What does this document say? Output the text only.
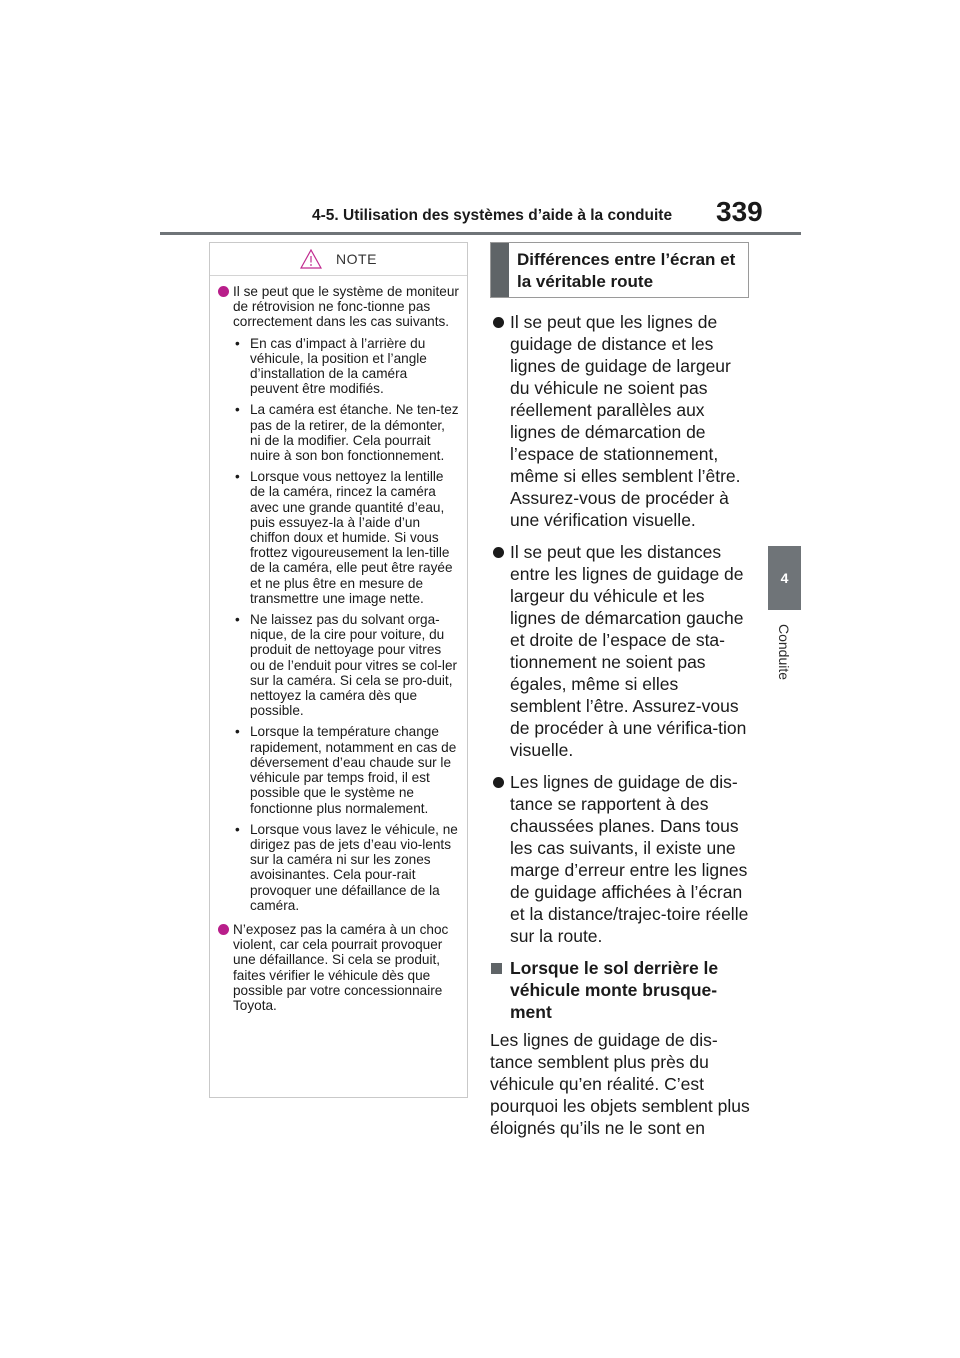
4-5. Utilisation des systèmes d’aide à la conduite 339
4
Conduite
NOTE
Il se peut que le système de moniteur de rétrovision ne fonc-tionne pas correctement dans les cas suivants.
• En cas d’impact à l’arrière du véhicule, la position et l’angle d’installation de la caméra peuvent être modifiés.
• La caméra est étanche. Ne ten-tez pas de la retirer, de la démonter, ni de la modifier. Cela pourrait nuire à son bon fonctionnement.
• Lorsque vous nettoyez la lentille de la caméra, rincez la caméra avec une grande quantité d’eau, puis essuyez-la à l’aide d’un chiffon doux et humide. Si vous frottez vigoureusement la len-tille de la caméra, elle peut être rayée et ne plus être en mesure de transmettre une image nette.
• Ne laissez pas du solvant orga-nique, de la cire pour voiture, du produit de nettoyage pour vitres ou de l’enduit pour vitres se col-ler sur la caméra. Si cela se pro-duit, nettoyez la caméra dès que possible.
• Lorsque la température change rapidement, notamment en cas de déversement d’eau chaude sur le véhicule par temps froid, il est possible que le système ne fonctionne plus normalement.
• Lorsque vous lavez le véhicule, ne dirigez pas de jets d’eau vio-lents sur la caméra ni sur les zones avoisinantes. Cela pour-rait provoquer une défaillance de la caméra.
N’exposez pas la caméra à un choc violent, car cela pourrait provoquer une défaillance. Si cela se produit, faites vérifier le véhicule dès que possible par votre concessionnaire Toyota.
Différences entre l’écran et la véritable route
Il se peut que les lignes de guidage de distance et les lignes de guidage de largeur du véhicule ne soient pas réellement parallèles aux lignes de démarcation de l’espace de stationnement, même si elles semblent l’être. Assurez-vous de procéder à une vérification visuelle.
Il se peut que les distances entre les lignes de guidage de largeur du véhicule et les lignes de démarcation gauche et droite de l’espace de sta-tionnement ne soient pas égales, même si elles semblent l’être. Assurez-vous de procéder à une vérifica-tion visuelle.
Les lignes de guidage de dis-tance se rapportent à des chaussées planes. Dans tous les cas suivants, il existe une marge d’erreur entre les lignes de guidage affichées à l’écran et la distance/trajec-toire réelle sur la route.
Lorsque le sol derrière le véhicule monte brusque-ment
Les lignes de guidage de dis-tance semblent plus près du véhicule qu’en réalité. C’est pourquoi les objets semblent plus éloignés qu’ils ne le sont en
